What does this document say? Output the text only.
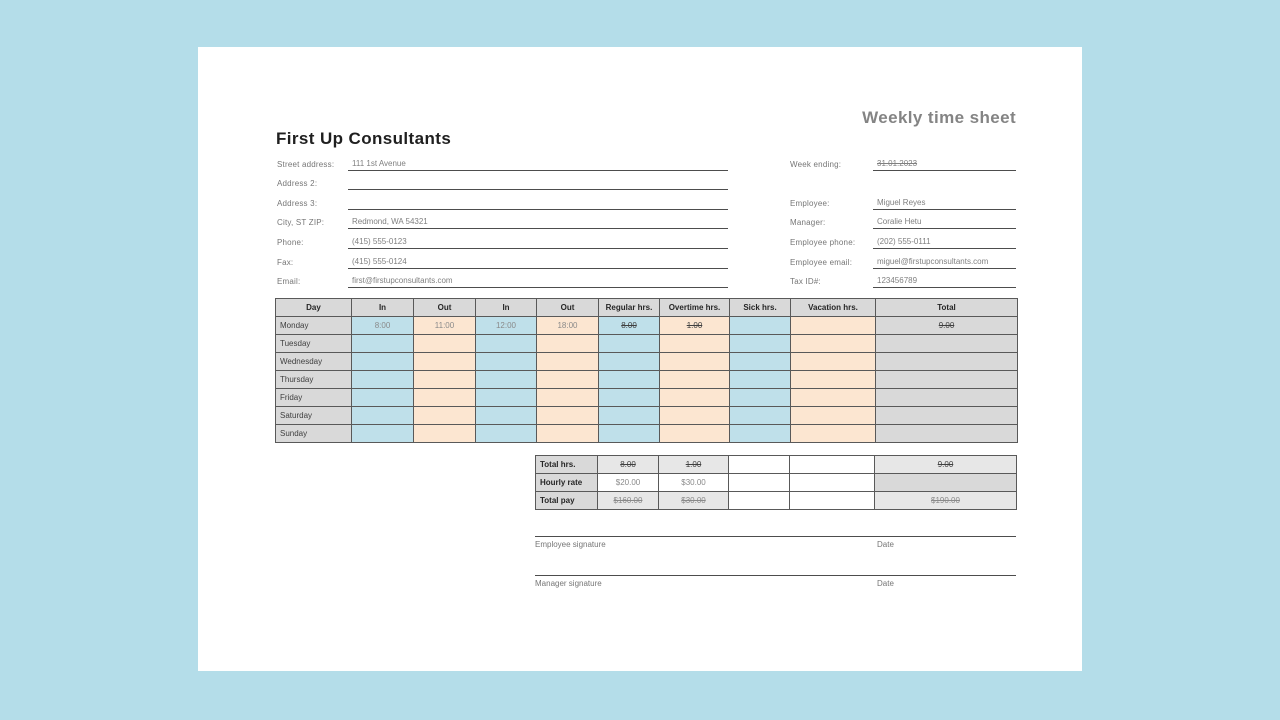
First Up Consultants
Weekly time sheet
Street address: 111 1st Avenue
Address 2:
Address 3:
City, ST ZIP:	Redmond, WA 54321
Phone:	(415) 555-0123
Fax:	(415) 555-0124
Email:	first@firstupconsultants.com
Week ending:	31.01.2023
Employee:	Miguel Reyes
Manager:	Coralie Hetu
Employee phone:	(202) 555-0111
Employee email:	miguel@firstupconsultants.com
Tax ID#:	123456789
Day	In	Out	In	Out	Regular hrs.	Overtime hrs.	Sick hrs.	Vacation hrs.	Total
Monday	8:00	11:00	12:00	18:00	8.00	1.00			9.00
Tuesday									
Wednesday									
Thursday									
Friday									
Saturday									
Sunday									
Total hrs.	8.00	1.00			9.00
Hourly rate	$20.00	$30.00			
Total pay	$160.00	$30.00			$190.00
Employee signature	Date
Manager signature	Date
